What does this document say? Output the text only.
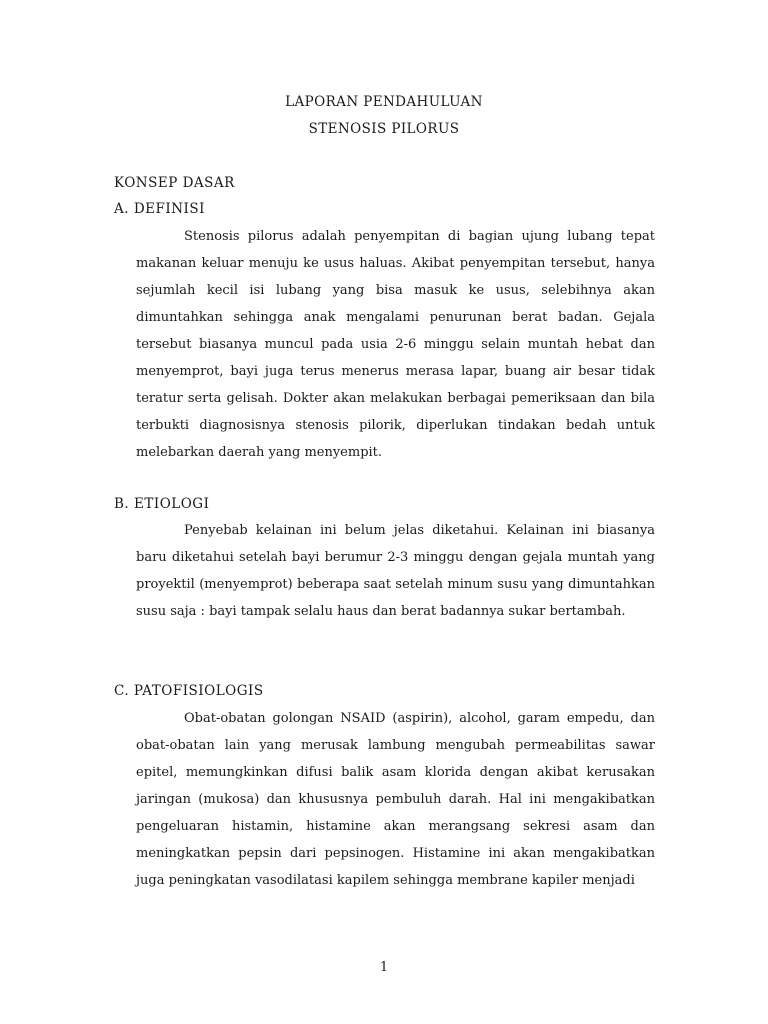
LAPORAN PENDAHULUAN
STENOSIS PILORUS
KONSEP DASAR
A. DEFINISI

Stenosis pilorus adalah penyempitan di bagian ujung lubang tepat makanan keluar menuju ke usus haluas. Akibat penyempitan tersebut, hanya sejumlah kecil isi lubang yang bisa masuk ke usus, selebihnya akan dimuntahkan sehingga anak mengalami penurunan berat badan. Gejala tersebut biasanya muncul pada usia 2-6 minggu selain muntah hebat dan menyemprot, bayi juga terus menerus merasa lapar, buang air besar tidak teratur serta gelisah. Dokter akan melakukan berbagai pemeriksaan dan bila terbukti diagnosisnya stenosis pilorik, diperlukan tindakan bedah untuk melebarkan daerah yang menyempit.

B. ETIOLOGI

Penyebab kelainan ini belum jelas diketahui. Kelainan ini biasanya baru diketahui setelah bayi berumur 2-3 minggu dengan gejala muntah yang proyektil (menyemprot) beberapa saat setelah minum susu yang dimuntahkan susu saja : bayi tampak selalu haus dan berat badannya sukar bertambah.

C. PATOFISIOLOGIS

Obat-obatan golongan NSAID (aspirin), alcohol, garam empedu, dan obat-obatan lain yang merusak lambung mengubah permeabilitas sawar epitel, memungkinkan difusi balik asam klorida dengan akibat kerusakan jaringan (mukosa) dan khususnya pembuluh darah. Hal ini mengakibatkan pengeluaran histamin, histamine akan merangsang sekresi asam dan meningkatkan pepsin dari pepsinogen. Histamine ini akan mengakibatkan juga peningkatan vasodilatasi kapilem sehingga membrane kapiler menjadi

1
